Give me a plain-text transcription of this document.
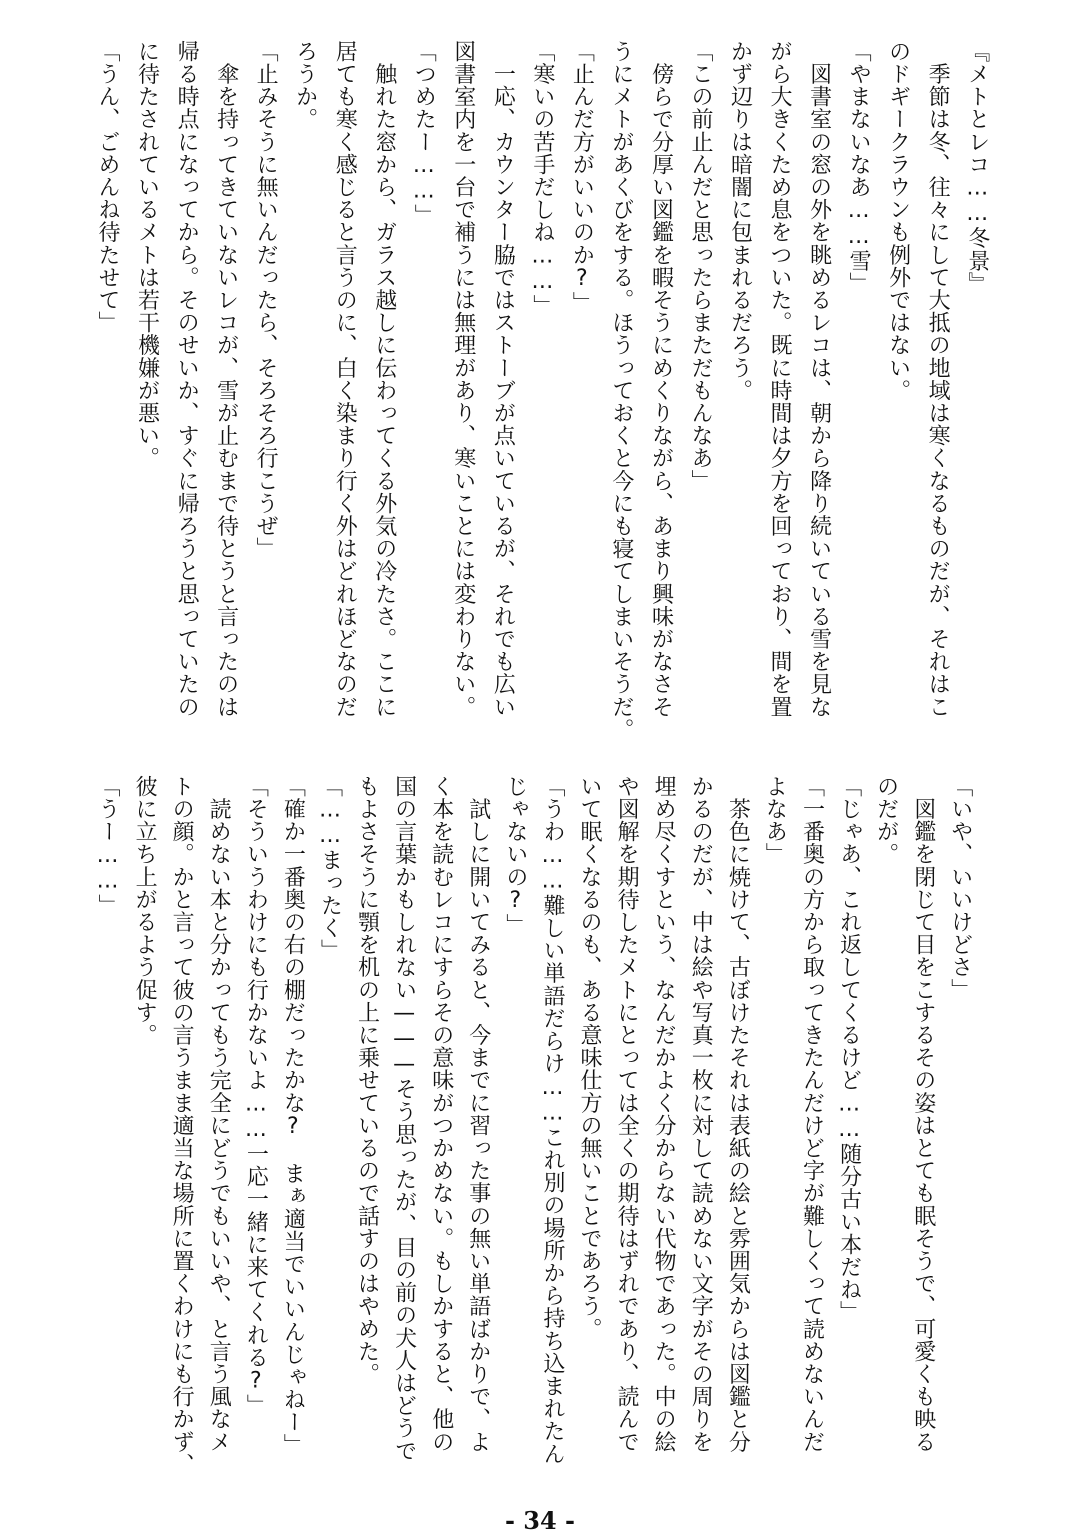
『メトとレコ……冬景』
　季節は冬、往々にして大抵の地域は寒くなるものだが、それはこ
のドギークラウンも例外ではない。
「やまないなあ……雪」
　図書室の窓の外を眺めるレコは、朝から降り続いている雪を見な
がら大きくため息をついた。既に時間は夕方を回っており、間を置
かず辺りは暗闇に包まれるだろう。
「この前止んだと思ったらまただもんなあ」
　傍らで分厚い図鑑を暇そうにめくりながら、あまり興味がなさそ
うにメトがあくびをする。ほうっておくと今にも寝てしまいそうだ。
「止んだ方がいいのか?」
「寒いの苦手だしね……」
　一応、カウンター脇ではストーブが点いているが、それでも広い
図書室内を一台で補うには無理があり、寒いことには変わりない。
「つめたー……」
　触れた窓から、ガラス越しに伝わってくる外気の冷たさ。ここに
居ても寒く感じると言うのに、白く染まり行く外はどれほどなのだ
ろうか。
「止みそうに無いんだったら、そろそろ行こうぜ」
　傘を持ってきていないレコが、雪が止むまで待とうと言ったのは
帰る時点になってから。そのせいか、すぐに帰ろうと思っていたの
に待たされているメトは若干機嫌が悪い。
「うん、ごめんね待たせて」
「いや、いいけどさ」
　図鑑を閉じて目をこするその姿はとても眠そうで、可愛くも映る
のだが。
「じゃあ、これ返してくるけど……随分古い本だね」
「一番奥の方から取ってきたんだけど字が難しくって読めないんだ
よなあ」
　茶色に焼けて、古ぼけたそれは表紙の絵と雰囲気からは図鑑と分
かるのだが、中は絵や写真一枚に対して読めない文字がその周りを
埋め尽くすという、なんだかよく分からない代物であった。中の絵
や図解を期待したメトにとっては全くの期待はずれであり、読んで
いて眠くなるのも、ある意味仕方の無いことであろう。
「うわ……難しい単語だらけ……これ別の場所から持ち込まれたん
じゃないの?」
　試しに開いてみると、今までに習った事の無い単語ばかりで、よ
く本を読むレコにすらその意味がつかめない。もしかすると、他の
国の言葉かもしれない———そう思ったが、目の前の犬人はどうで
もよさそうに顎を机の上に乗せているので話すのはやめた。
「……まったく」
「確か一番奥の右の棚だったかな?　まぁ適当でいいんじゃねー」
「そういうわけにも行かないよ……一応一緒に来てくれる?」
　読めない本と分かってもう完全にどうでもいいや、と言う風なメ
トの顔。かと言って彼の言うまま適当な場所に置くわけにも行かず、
彼に立ち上がるよう促す。
「うー……」
- 34 -
